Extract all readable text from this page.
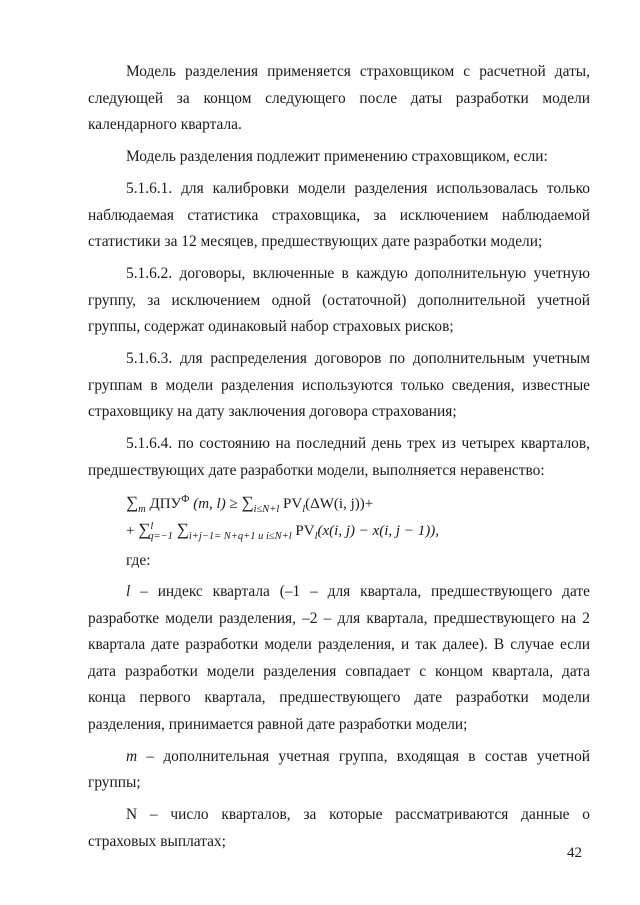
Модель разделения применяется страховщиком с расчетной даты, следующей за концом следующего после даты разработки модели календарного квартала.

Модель разделения подлежит применению страховщиком, если:

5.1.6.1. для калибровки модели разделения использовалась только наблюдаемая статистика страховщика, за исключением наблюдаемой статистики за 12 месяцев, предшествующих дате разработки модели;

5.1.6.2. договоры, включенные в каждую дополнительную учетную группу, за исключением одной (остаточной) дополнительной учетной группы, содержат одинаковый набор страховых рисков;

5.1.6.3. для распределения договоров по дополнительным учетным группам в модели разделения используются только сведения, известные страховщику на дату заключения договора страхования;

5.1.6.4. по состоянию на последний день трех из четырех кварталов, предшествующих дате разработки модели, выполняется неравенство:

$\sum_m$ $ДПУ^Ф$ (m, $l) \ge \sum_{i\le N+l}$ $PV_l(\Delta W(i$, j))+
+ ∑$^l_{q=-1}$ $\sum_{i+j-1= N+q+1 и i\le N+l}$ $PV_l(x(i$, j) − x(i, j − 1)),
где:

l – индекс квартала (–1 – для квартала, предшествующего дате разработке модели разделения, –2 – для квартала, предшествующего на 2 квартала дате разработки модели разделения, и так далее). В случае если дата разработки модели разделения совпадает с концом квартала, дата конца первого квартала, предшествующего дате разработки модели разделения, принимается равной дате разработки модели;

m – дополнительная учетная группа, входящая в состав учетной группы;

N – число кварталов, за которые рассматриваются данные о страховых выплатах;

42
